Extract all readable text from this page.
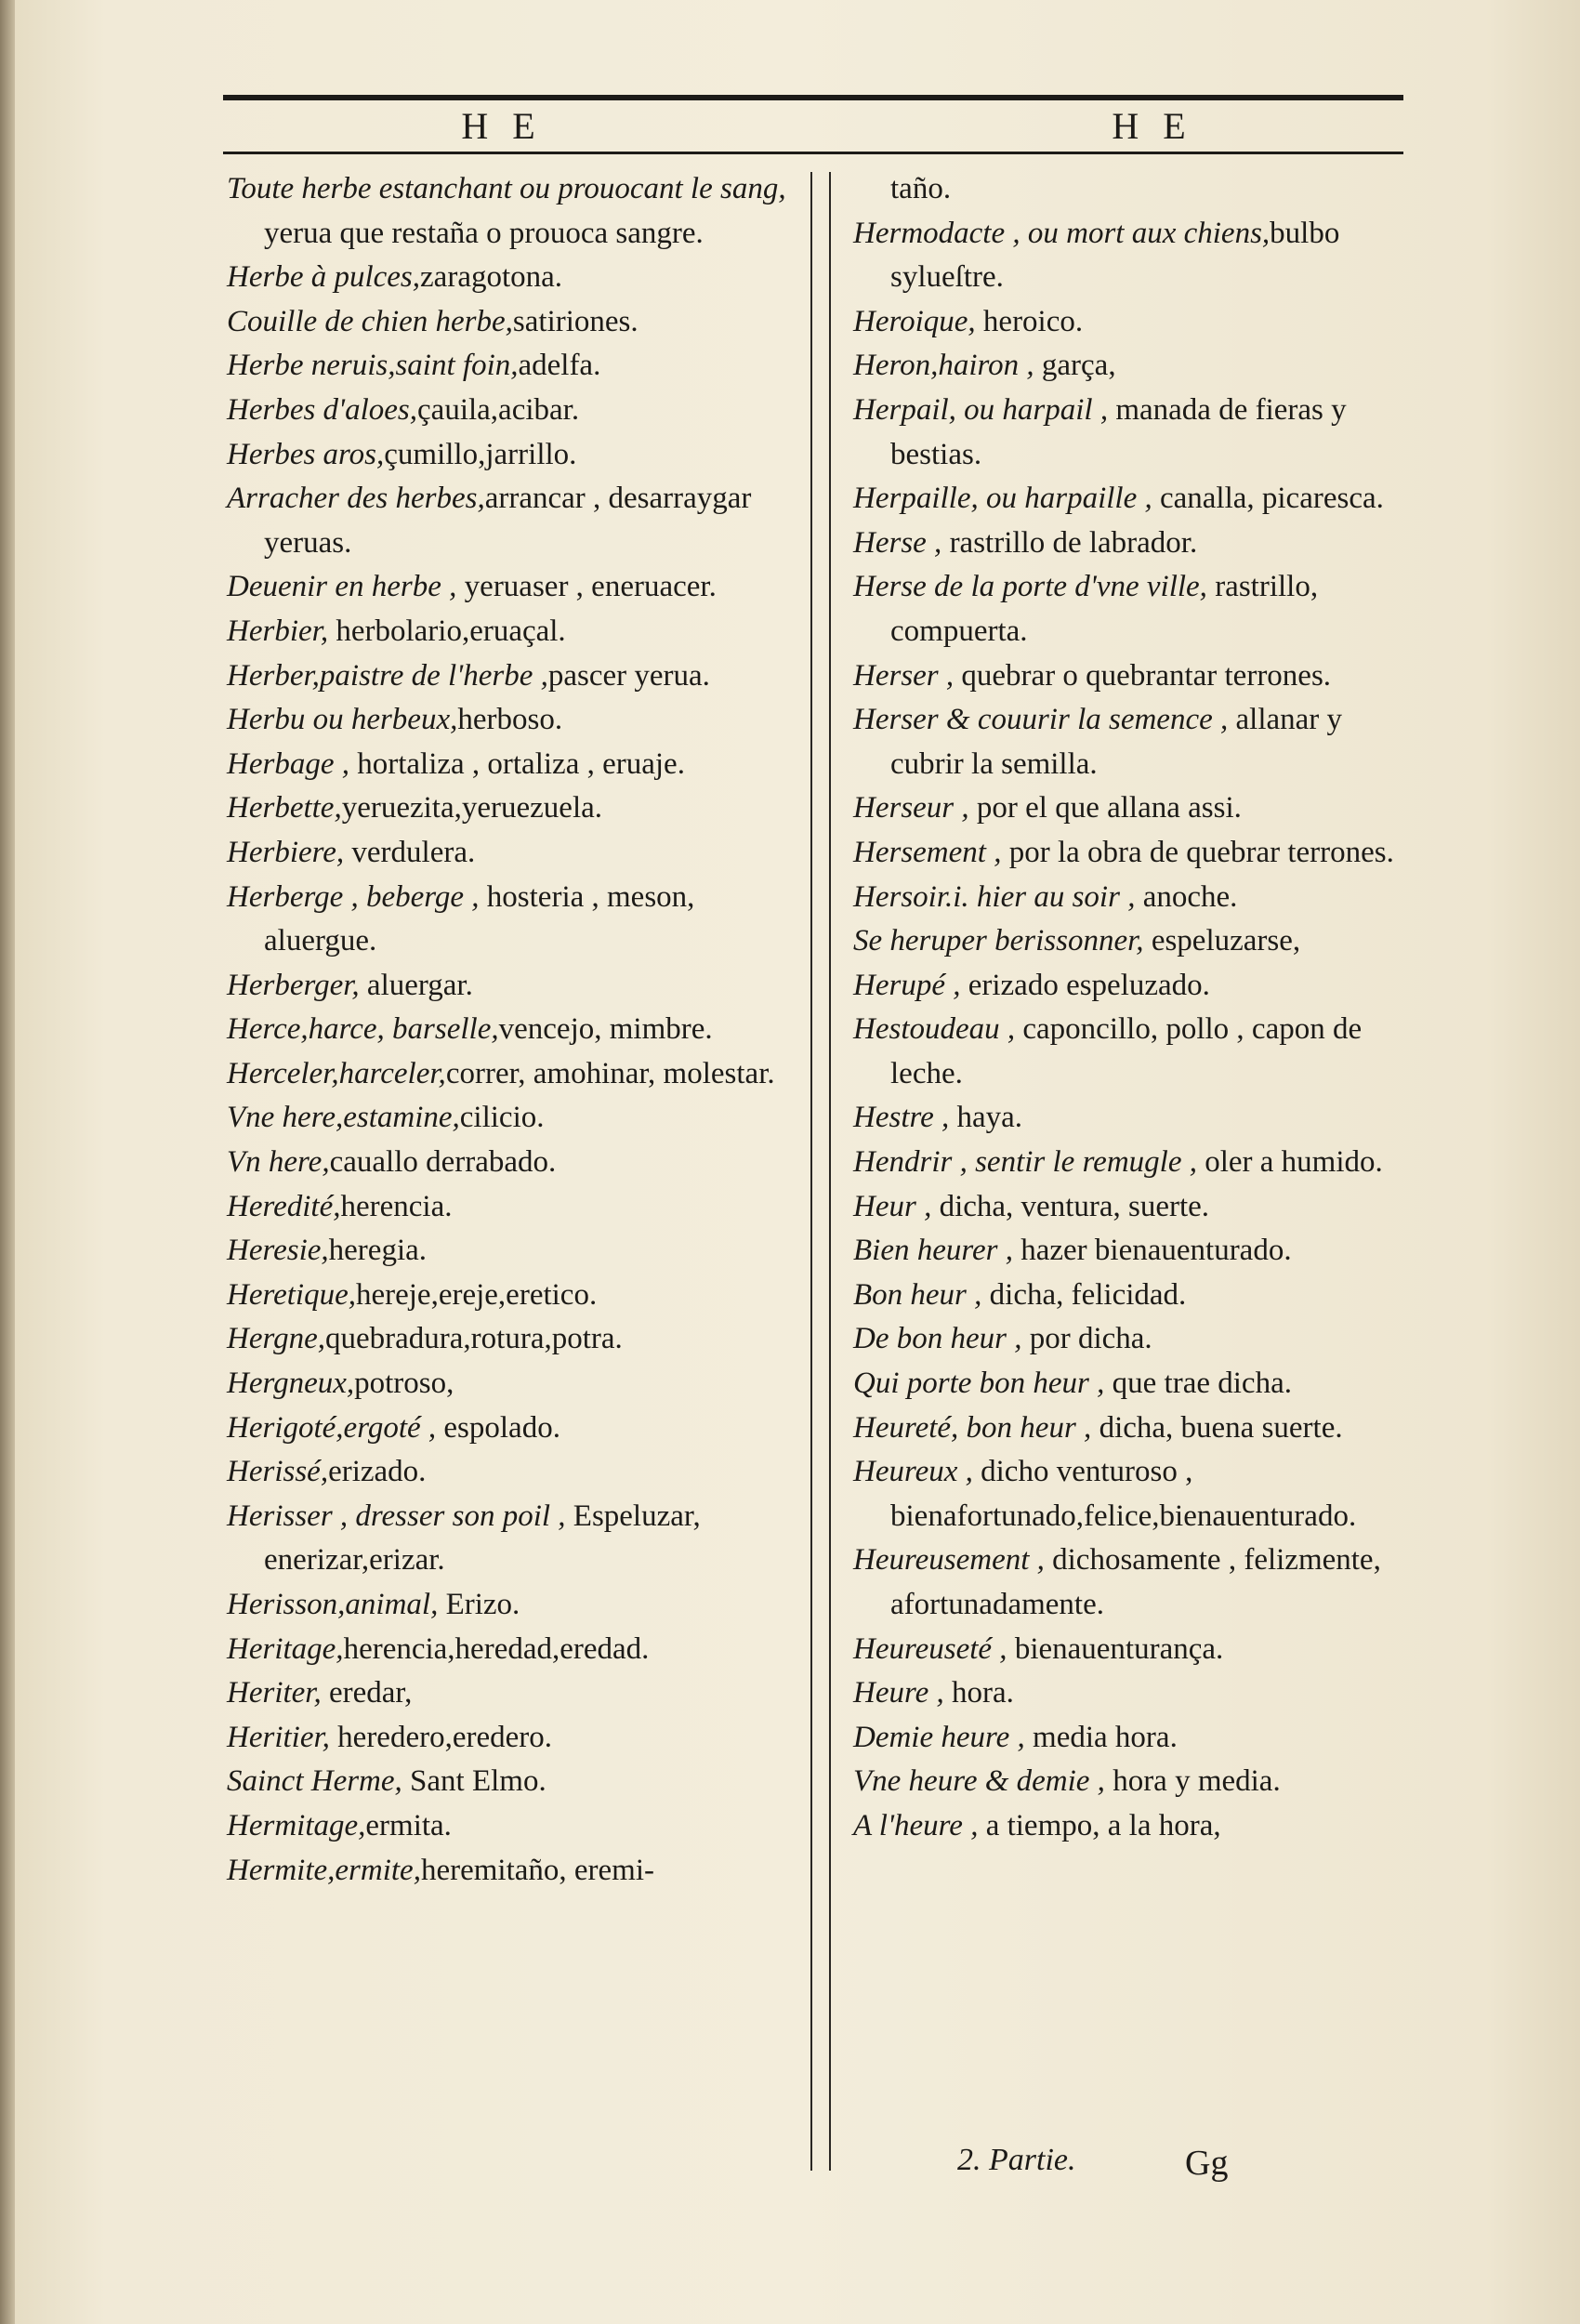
H E	H E

Toute herbe estanchant ou prouocant le sang, yerua que restaña o prouoca sangre.

Herbe à pulces,zaragotona.

Couille de chien herbe,satiriones.

Herbe neruis,saint foin,adelfa.

Herbes d'aloes,çauila,acibar.

Herbes aros,çumillo,jarrillo.

Arracher des herbes,arrancar , desarraygar yeruas.

Deuenir en herbe , yeruaser , eneruacer.

Herbier, herbolario,eruaçal.

Herber,paistre de l'herbe ,pascer yerua.

Herbu ou herbeux,herboso.

Herbage , hortaliza , ortaliza , eruaje.

Herbette,yeruezita,yeruezuela.

Herbiere, verdulera.

Herberge , beberge , hosteria , meson, aluergue.

Herberger, aluergar.

Herce,harce, barselle,vencejo, mimbre.

Herceler,harceler,correr, amohinar, molestar.

Vne here,estamine,cilicio.

Vn here,cauallo derrabado.

Heredité,herencia.

Heresie,heregia.

Heretique,hereje,ereje,eretico.

Hergne,quebradura,rotura,potra.

Hergneux,potroso,

Herigoté,ergoté , espolado.

Herissé,erizado.

Herisser , dresser son poil , Espeluzar, enerizar,erizar.

Herisson,animal, Erizo.

Heritage,herencia,heredad,eredad.

Heriter, eredar,

Heritier, heredero,eredero.

Sainct Herme, Sant Elmo.

Hermitage,ermita.

Hermite,ermite,heremitaño, eremi-

taño.

Hermodacte , ou mort aux chiens,bulbo sylueſtre.

Heroique, heroico.

Heron,hairon , garça,

Herpail, ou harpail , manada de fieras y bestias.

Herpaille, ou harpaille , canalla, picaresca.

Herse , rastrillo de labrador.

Herse de la porte d'vne ville, rastrillo, compuerta.

Herser , quebrar o quebrantar terrones.

Herser & couurir la semence , allanar y cubrir la semilla.

Herseur , por el que allana assi.

Hersement , por la obra de quebrar terrones.

Hersoir.i. hier au soir , anoche.

Se heruper berissonner, espeluzarse,

Herupé , erizado espeluzado.

Hestoudeau , caponcillo, pollo , capon de leche.

Hestre , haya.

Hendrir , sentir le remugle , oler a humido.

Heur , dicha, ventura, suerte.

Bien heurer , hazer bienauenturado.

Bon heur , dicha, felicidad.

De bon heur , por dicha.

Qui porte bon heur , que trae dicha.

Heureté, bon heur , dicha, buena suerte.

Heureux , dicho venturoso , bienafortunado,felice,bienauenturado.

Heureusement , dichosamente , felizmente, afortunadamente.

Heureuseté , bienauenturança.

Heure , hora.

Demie heure , media hora.

Vne heure & demie , hora y media.

A l'heure , a tiempo, a la hora,

2. Partie.	Gg
